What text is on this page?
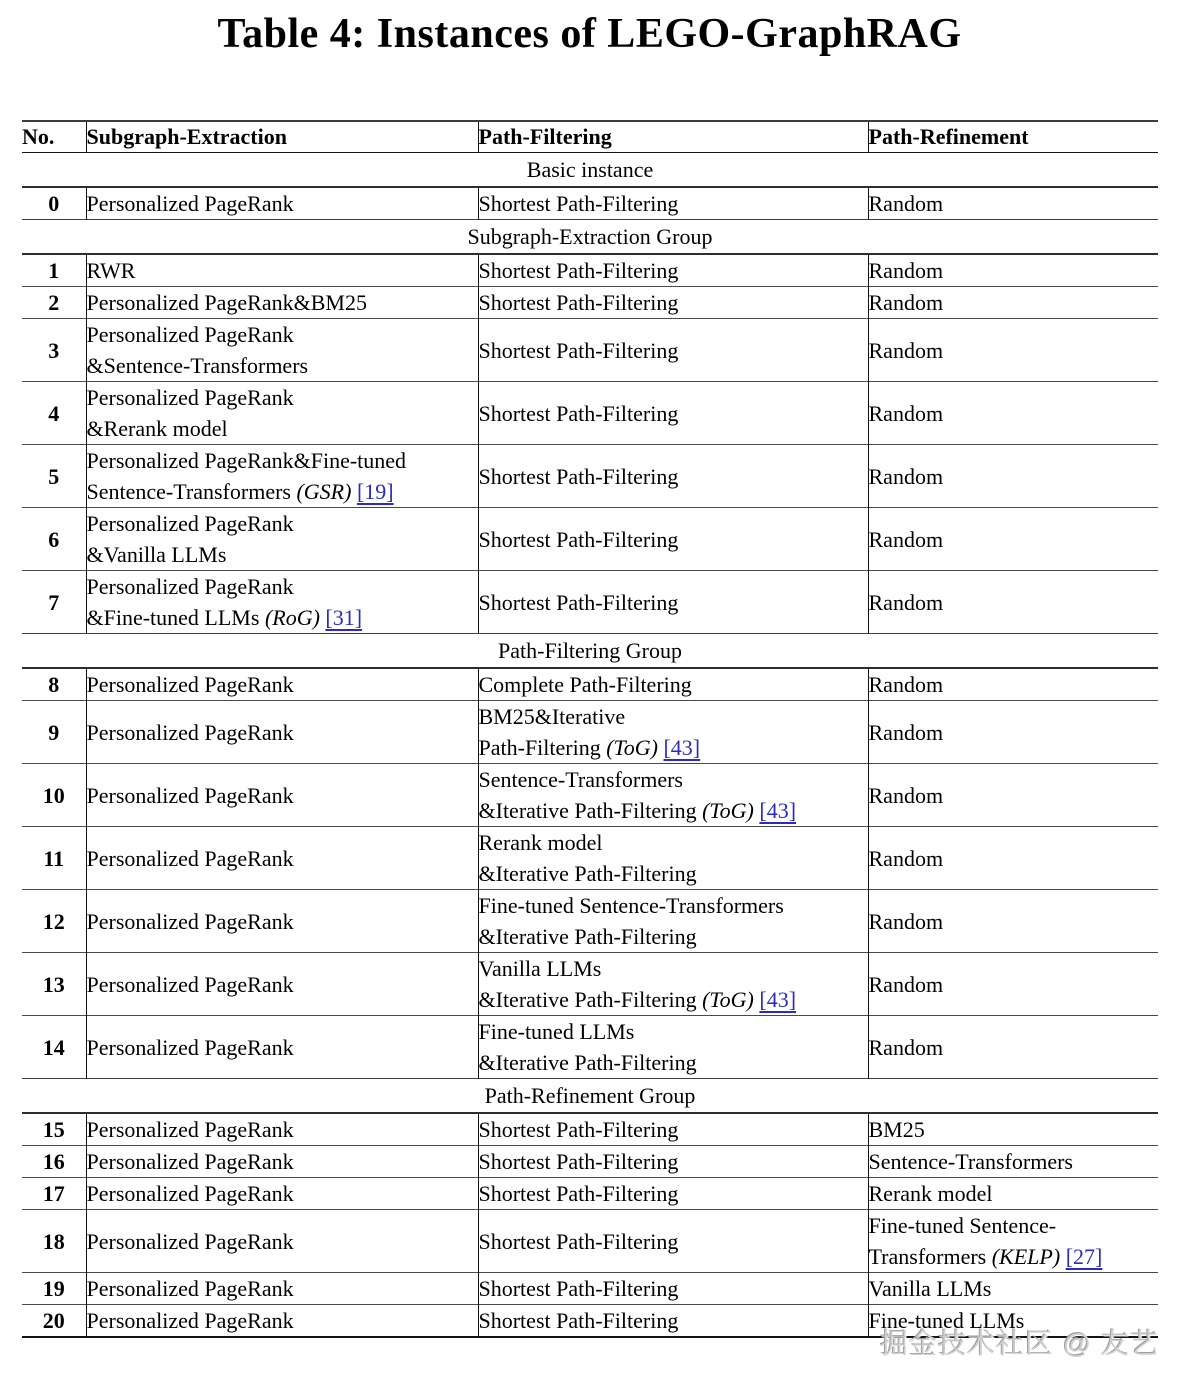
Table 4: Instances of LEGO-GraphRAG
No.	Subgraph-Extraction	Path-Filtering	Path-Refinement
Basic instance			
0	Personalized PageRank	Shortest Path-Filtering	Random

Subgraph-Extraction Group			
1	RWR	Shortest Path-Filtering	Random

2	Personalized PageRank&BM25	Shortest Path-Filtering	Random

3	Personalized PageRank
&Sentence-Transformers	Shortest Path-Filtering	Random

4	Personalized PageRank
&Rerank model	Shortest Path-Filtering	Random

5	Personalized PageRank&Fine-tuned
Sentence-Transformers (GSR) [19]	Shortest Path-Filtering	Random

6	Personalized PageRank
&Vanilla LLMs	Shortest Path-Filtering	Random

7	Personalized PageRank
&Fine-tuned LLMs (RoG) [31]	Shortest Path-Filtering	Random

Path-Filtering Group			
8	Personalized PageRank	Complete Path-Filtering	Random

9	Personalized PageRank	BM25&Iterative
Path-Filtering (ToG) [43]	Random

10	Personalized PageRank	Sentence-Transformers
&Iterative Path-Filtering (ToG) [43]	Random

11	Personalized PageRank	Rerank model
&Iterative Path-Filtering	Random

12	Personalized PageRank	Fine-tuned Sentence-Transformers
&Iterative Path-Filtering	Random

13	Personalized PageRank	Vanilla LLMs
&Iterative Path-Filtering (ToG) [43]	Random

14	Personalized PageRank	Fine-tuned LLMs
&Iterative Path-Filtering	Random

Path-Refinement Group			
15	Personalized PageRank	Shortest Path-Filtering	BM25

16	Personalized PageRank	Shortest Path-Filtering	Sentence-Transformers

17	Personalized PageRank	Shortest Path-Filtering	Rerank model

18	Personalized PageRank	Shortest Path-Filtering	Fine-tuned Sentence-
Transformers (KELP) [27]

19	Personalized PageRank	Shortest Path-Filtering	Vanilla LLMs

20	Personalized PageRank	Shortest Path-Filtering	Fine-tuned LLMs
掘金技术社区 @ 友艺
